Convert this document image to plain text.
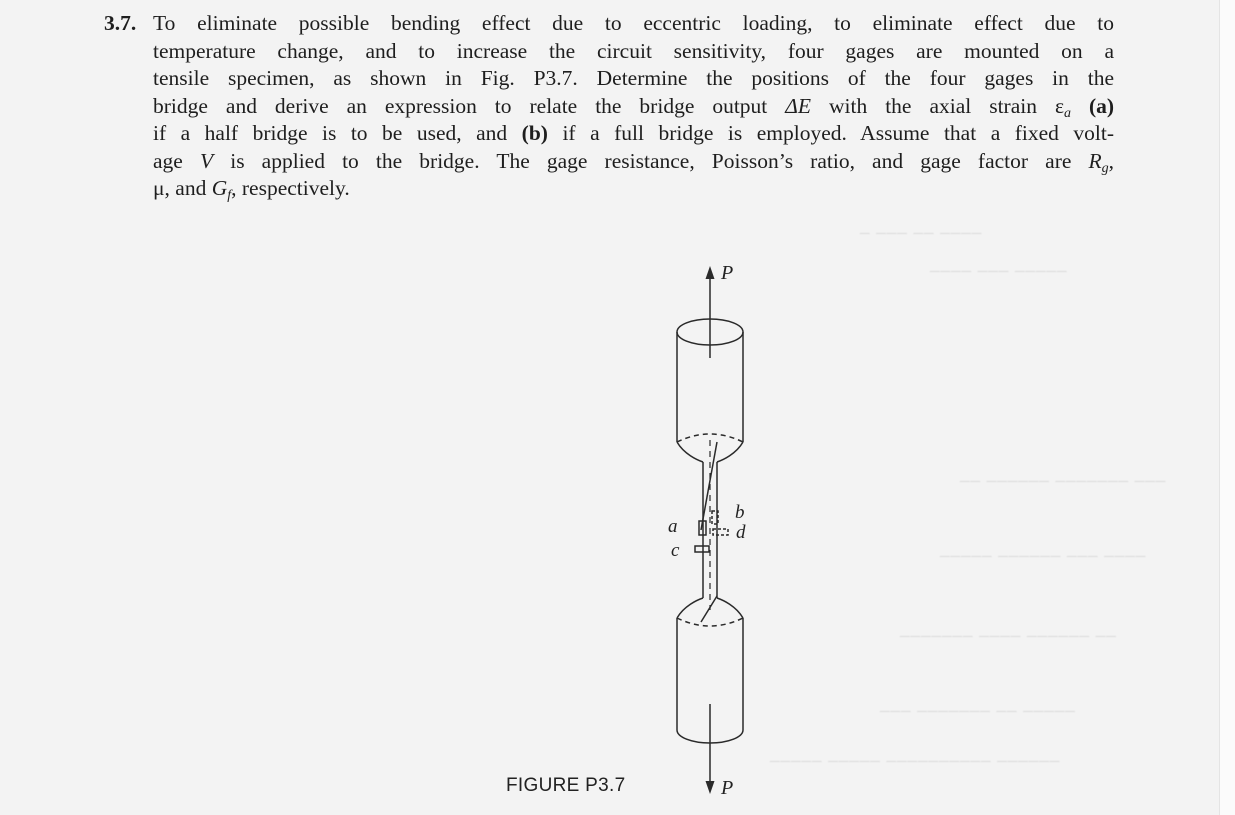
‒ ‒‒‒ ‒‒ ‒‒‒‒
‒‒‒‒ ‒‒‒ ‒‒‒‒‒
‒‒ ‒‒‒‒‒‒ ‒‒‒‒‒‒‒ ‒‒‒
‒‒‒‒‒ ‒‒‒‒‒‒ ‒‒‒ ‒‒‒‒
‒‒‒‒‒‒‒ ‒‒‒‒ ‒‒‒‒‒‒ ‒‒
‒‒‒ ‒‒‒‒‒‒‒ ‒‒ ‒‒‒‒‒
‒‒‒‒‒ ‒‒‒‒‒ ‒‒‒‒‒‒‒‒‒‒ ‒‒‒‒‒‒
3.7. To eliminate possible bending effect due to eccentric loading, to eliminate effect due to
temperature change, and to increase the circuit sensitivity, four gages are mounted on a
tensile specimen, as shown in Fig. P3.7. Determine the positions of the four gages in the
bridge and derive an expression to relate the bridge output ΔE with the axial strain $\varepsilon_a$ (a)
if a half bridge is to be used, and (b) if a full bridge is employed. Assume that a fixed volt-
age V is applied to the bridge. The gage resistance, Poisson’s ratio, and gage factor are $R_g$,
μ, and $G_f$, respectively.
P
a
b
c
d
P
FIGURE P3.7
